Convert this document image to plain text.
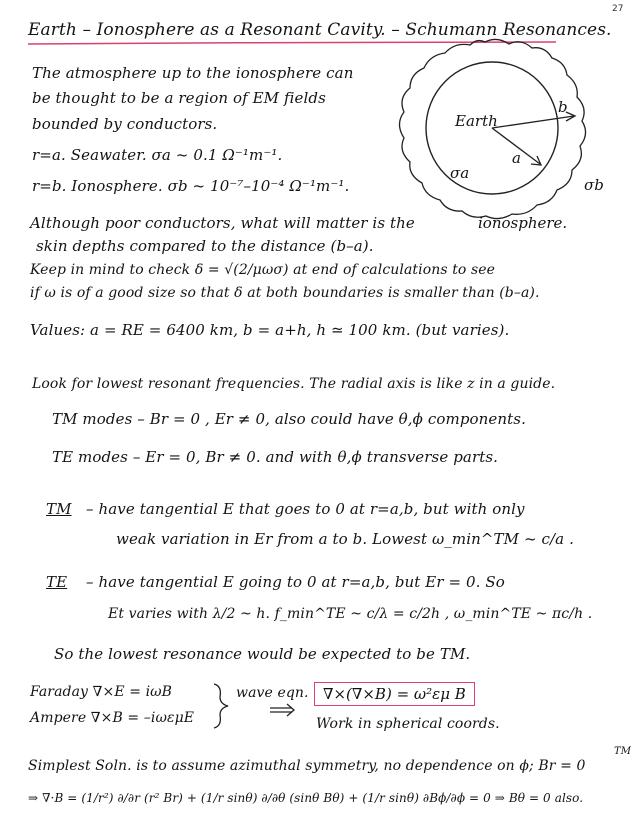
27
Earth – Ionosphere as a Resonant Cavity. – Schumann Resonances.
The atmosphere up to the ionosphere can
be thought to be a region of EM fields
bounded by conductors.
r=a. Seawater. σa ~ 0.1 Ω⁻¹m⁻¹.
r=b. Ionosphere. σb ~ 10⁻⁷–10⁻⁴ Ω⁻¹m⁻¹.
Earth
b
a
σa
σb
ionosphere.
Although poor conductors, what will matter is the
skin depths compared to the distance (b–a).
Keep in mind to check δ = √(2/μωσ) at end of calculations to see
if ω is of a good size so that δ at both boundaries is smaller than (b–a).
Values: a = RE = 6400 km, b = a+h, h ≃ 100 km. (but varies).
Look for lowest resonant frequencies. The radial axis is like z in a guide.
TM modes – Br = 0 , Er ≠ 0, also could have θ,ϕ components.
TE modes – Er = 0, Br ≠ 0. and with θ,ϕ transverse parts.
TM – have tangential E that goes to 0 at r=a,b, but with only
weak variation in Er from a to b. Lowest ω_min^TM ~ c/a .
TE – have tangential E going to 0 at r=a,b, but Er = 0. So
Et varies with λ/2 ~ h. f_min^TE ~ c/λ = c/2h , ω_min^TE ~ πc/h .
So the lowest resonance would be expected to be TM.
Faraday ∇×E = iωB
Ampere ∇×B = –iωεμE
wave eqn. ∇×(∇×B) = ω²εμ B
Work in spherical coords.
TM
Simplest Soln. is to assume azimuthal symmetry, no dependence on ϕ; Br = 0
⇒ ∇·B = (1/r²) ∂/∂r (r² Br) + (1/r sinθ) ∂/∂θ (sinθ Bθ) + (1/r sinθ) ∂Bϕ/∂ϕ = 0 ⇒ Bθ = 0 also.
